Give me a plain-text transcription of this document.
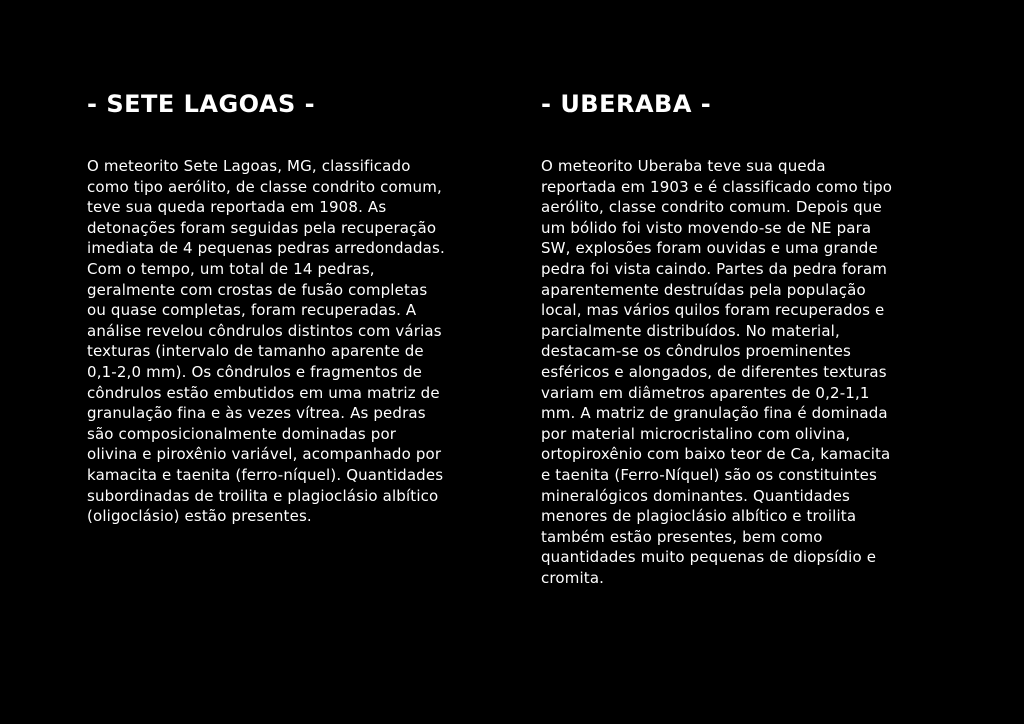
- SETE LAGOAS -

O meteorito Sete Lagoas, MG, classificado
como tipo aerólito, de classe condrito comum,
teve sua queda reportada em 1908. As
detonações foram seguidas pela recuperação
imediata de 4 pequenas pedras arredondadas.
Com o tempo, um total de 14 pedras,
geralmente com crostas de fusão completas
ou quase completas, foram recuperadas. A
análise revelou côndrulos distintos com várias
texturas (intervalo de tamanho aparente de
0,1-2,0 mm). Os côndrulos e fragmentos de
côndrulos estão embutidos em uma matriz de
granulação fina e às vezes vítrea. As pedras
são composicionalmente dominadas por
olivina e piroxênio variável, acompanhado por
kamacita e taenita (ferro-níquel). Quantidades
subordinadas de troilita e plagioclásio albítico
(oligoclásio) estão presentes.

- UBERABA -

O meteorito Uberaba teve sua queda
reportada em 1903 e é classificado como tipo
aerólito, classe condrito comum. Depois que
um bólido foi visto movendo-se de NE para
SW, explosões foram ouvidas e uma grande
pedra foi vista caindo. Partes da pedra foram
aparentemente destruídas pela população
local, mas vários quilos foram recuperados e
parcialmente distribuídos. No material,
destacam-se os côndrulos proeminentes
esféricos e alongados, de diferentes texturas
variam em diâmetros aparentes de 0,2-1,1
mm. A matriz de granulação fina é dominada
por material microcristalino com olivina,
ortopiroxênio com baixo teor de Ca, kamacita
e taenita (Ferro-Níquel) são os constituintes
mineralógicos dominantes. Quantidades
menores de plagioclásio albítico e troilita
também estão presentes, bem como
quantidades muito pequenas de diopsídio e
cromita.
